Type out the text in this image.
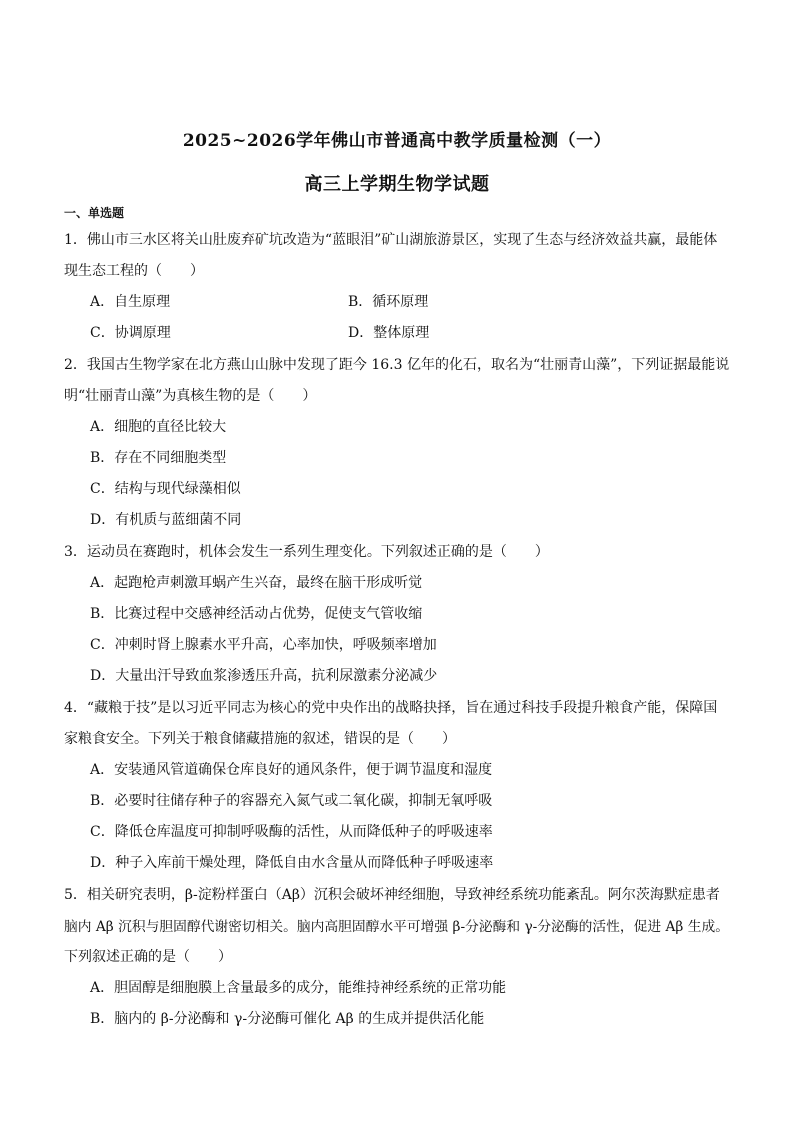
2025~2026学年佛山市普通高中教学质量检测（一）
高三上学期生物学试题
一、单选题
1．佛山市三水区将关山肚废弃矿坑改造为“蓝眼泪”矿山湖旅游景区，实现了生态与经济效益共赢，最能体
现生态工程的（　　）
A．自生原理	B．循环原理
C．协调原理	D．整体原理
2．我国古生物学家在北方燕山山脉中发现了距今 16.3 亿年的化石，取名为“壮丽青山藻”，下列证据最能说
明“壮丽青山藻”为真核生物的是（　　）
A．细胞的直径比较大
B．存在不同细胞类型
C．结构与现代绿藻相似
D．有机质与蓝细菌不同
3．运动员在赛跑时，机体会发生一系列生理变化。下列叙述正确的是（　　）
A．起跑枪声刺激耳蜗产生兴奋，最终在脑干形成听觉
B．比赛过程中交感神经活动占优势，促使支气管收缩
C．冲刺时肾上腺素水平升高，心率加快，呼吸频率增加
D．大量出汗导致血浆渗透压升高，抗利尿激素分泌减少
4．“藏粮于技”是以习近平同志为核心的党中央作出的战略抉择，旨在通过科技手段提升粮食产能，保障国
家粮食安全。下列关于粮食储藏措施的叙述，错误的是（　　）
A．安装通风管道确保仓库良好的通风条件，便于调节温度和湿度
B．必要时往储存种子的容器充入氮气或二氧化碳，抑制无氧呼吸
C．降低仓库温度可抑制呼吸酶的活性，从而降低种子的呼吸速率
D．种子入库前干燥处理，降低自由水含量从而降低种子呼吸速率
5．相关研究表明，β-淀粉样蛋白（Aβ）沉积会破坏神经细胞，导致神经系统功能紊乱。阿尔茨海默症患者
脑内 Aβ 沉积与胆固醇代谢密切相关。脑内高胆固醇水平可增强 β-分泌酶和 γ-分泌酶的活性，促进 Aβ 生成。
下列叙述正确的是（　　）
A．胆固醇是细胞膜上含量最多的成分，能维持神经系统的正常功能
B．脑内的 β-分泌酶和 γ-分泌酶可催化 Aβ 的生成并提供活化能
